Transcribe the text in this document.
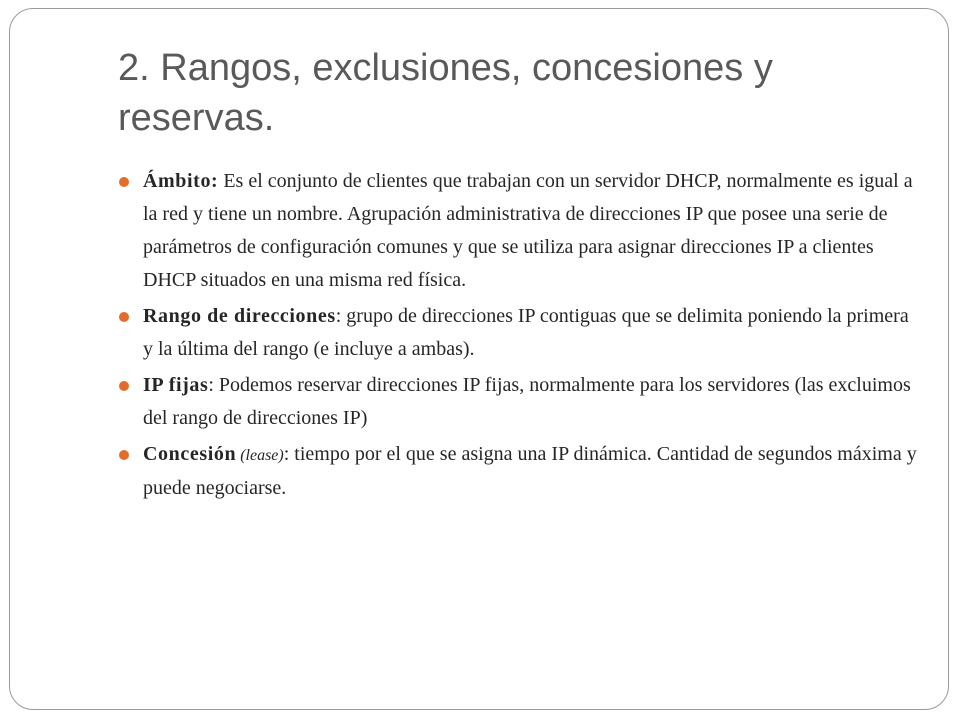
2. Rangos, exclusiones, concesiones y reservas.
Ámbito: Es el conjunto de clientes que trabajan con un servidor DHCP, normalmente es igual a la red y tiene un nombre. Agrupación administrativa de direcciones IP que posee una serie de parámetros de configuración comunes y que se utiliza para asignar direcciones IP a clientes DHCP situados en una misma red física.
Rango de direcciones: grupo de direcciones IP contiguas que se delimita poniendo la primera y la última del rango (e incluye a ambas).
IP fijas: Podemos reservar direcciones IP fijas, normalmente para los servidores (las excluimos del rango de direcciones IP)
Concesión (lease): tiempo por el que se asigna una IP dinámica. Cantidad de segundos máxima y puede negociarse.
